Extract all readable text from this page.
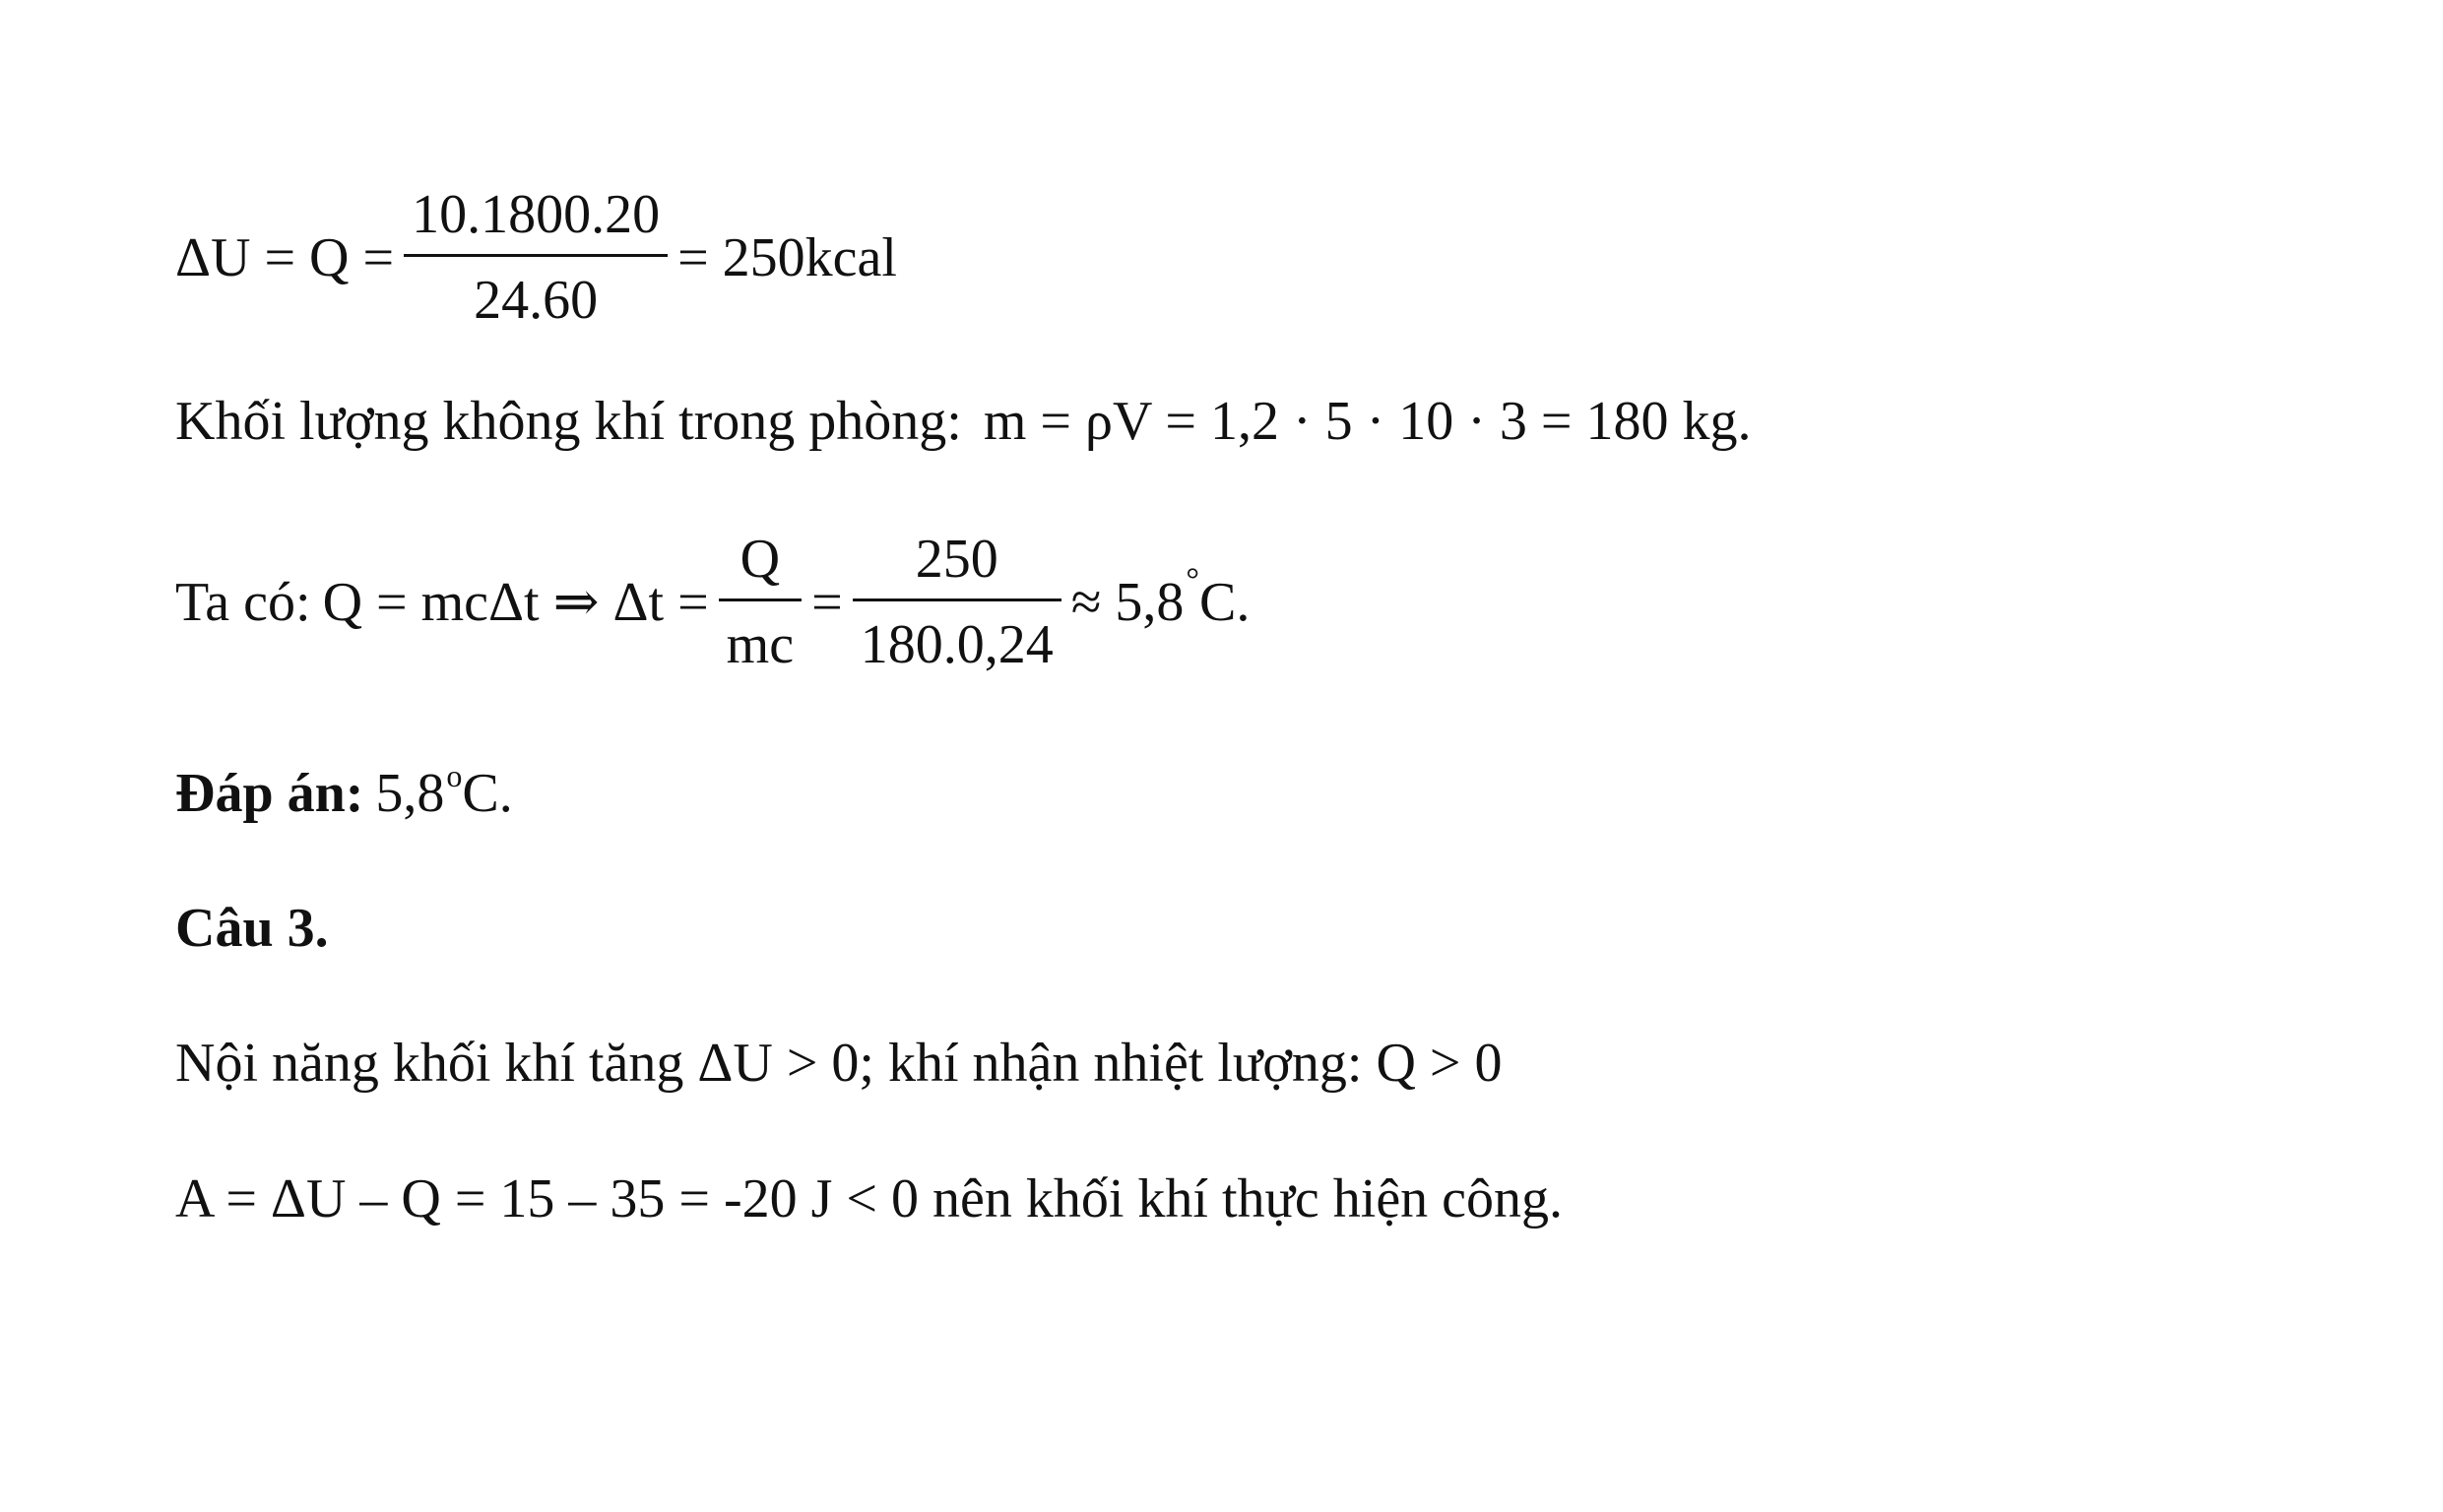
$\Delta U = Q = \frac{10.1800.20}{24.60}$ = 250kcal
Khối lượng không khí trong phòng: m = ρV = 1,2 · 5 · 10 · 3 = 180 kg.
Ta có: Q = mcΔt ⇒ $\Delta t = \frac{Q}{mc} = \frac{250}{180.0,24} \approx 5,8$ ° C.
Đáp án: 5,8 o C.
Câu 3.
Nội năng khối khí tăng ΔU > 0; khí nhận nhiệt lượng: Q > 0
A = ΔU – Q = 15 – 35 = -20 J < 0 nên khối khí thực hiện công.
